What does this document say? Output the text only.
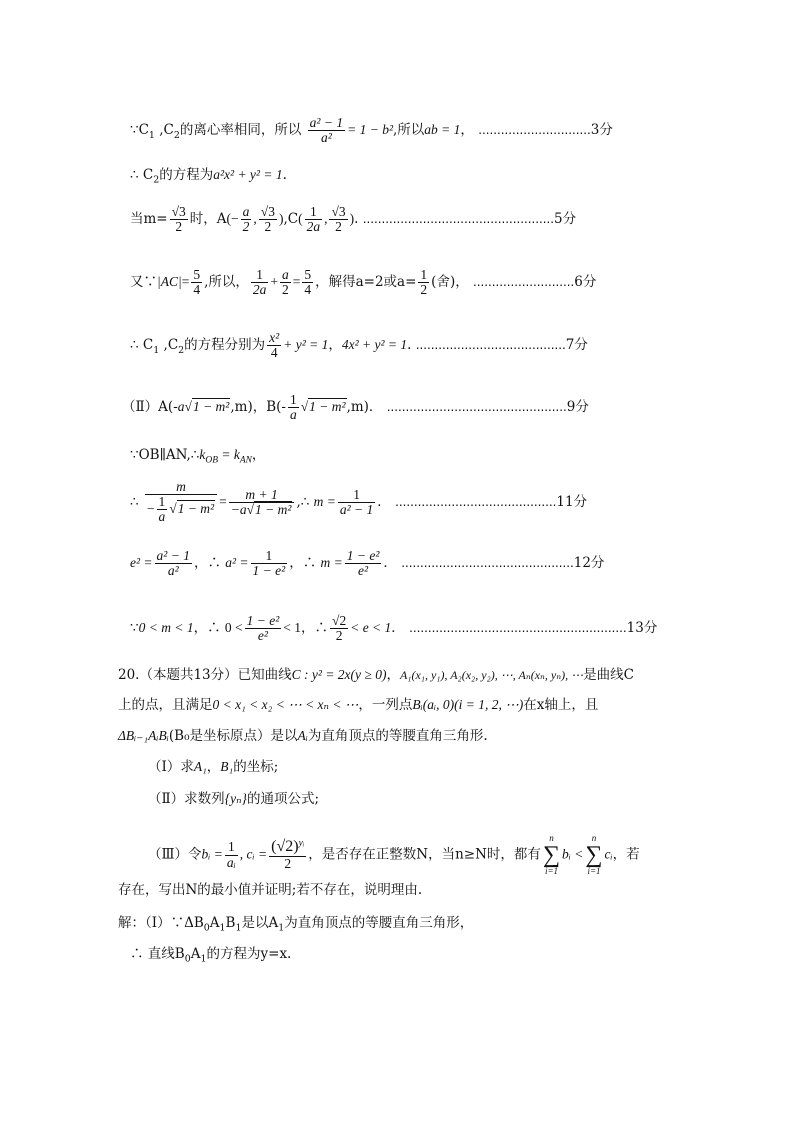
$\because C_1$ $,C_2$的离心率相同，所以 $\frac{\text{a² − 1}}{\text{a²}} = 1 - b^2$,所以ab = 1， ..............................3分
∴ $C_2$的方程为a²x² + y² = 1.
当$m= \frac{√3}{2}$ 时，$A(- \frac{a}{2}$ , $\frac{√3}{2} ),C( \frac{1}{2a}$ , $\frac{√3}{2}$ ). ...................................................5分
又∵|AC|= $\frac{5}{4}$ ,所以， $\frac{1}{2a} + \frac{a}{2} = \frac{5}{4}$ ，解得a=2或$a= \frac{1}{2}$ (舍)， ...........................6分
∴ $C_1$ $,C_2$的方程分别为 $\frac{\text{x²}}{4} + y^2 = 1$，4x² + y² = 1. ........................................7分
（Ⅱ）A(-a√1 − m²,m)，$B(- \frac{1}{a} √1 - m^2,m)$． ................................................9分
$\because OB\parallel AN,\therefore k_{OB} = k_{AN}$，
∴ $\frac{m}{- \frac{1}{a} √1 - m^2} = \frac{m + 1}{\text{−a√1 − m²}}$ ,∴ $m = \frac{1}{\text{a² − 1}}$ ． ...........................................11分
$e^2 = \frac{\text{a² − 1}}{\text{a²}}$ ，∴ $a^2 = \frac{1}{\text{1 − e²}}$ ，∴ $m = \frac{\text{1 − e²}}{\text{e²}}$ ． ..............................................12分
∵0 < m < 1，∴ $0 < \frac{\text{1 − e²}}{\text{e²}} < 1$，∴ $\frac{√2}{2} < e < 1$． ..........................................................13分
20.（本题共13分）已知曲线C : y² = 2x(y ≥ 0)，A₁(x₁, y₁), A₂(x₂, y₂), ⋯, Aₙ(xₙ, yₙ), ⋯是曲线C
上的点，且满足0 < x₁ < x₂ < ⋯ < xₙ < ⋯，一列点Bᵢ(aᵢ, 0)(i = 1, 2, ⋯)在x轴上，且
ΔBᵢ₋₁AᵢBᵢ(B₀是坐标原点）是以Aᵢ为直角顶点的等腰直角三角形.
（Ⅰ）求A₁，B₁的坐标;
（Ⅱ）求数列{yₙ}的通项公式;
（Ⅲ）令bᵢ = $\frac{1}{\text{aᵢ}}$ , cᵢ = $\frac{(√2)^{yᵢ}}{2}$ ，是否存在正整数N，当n≥N时，都有
n
∑
i=1
bᵢ <
n
∑
i=1
cᵢ，若
存在，写出N的最小值并证明;若不存在，说明理由.
解：$(Ⅰ)\because\Delta B_0A_1B_1$是以$A_1$为直角顶点的等腰直角三角形，
∴ 直线$B_0A_1$的方程为y=x.
